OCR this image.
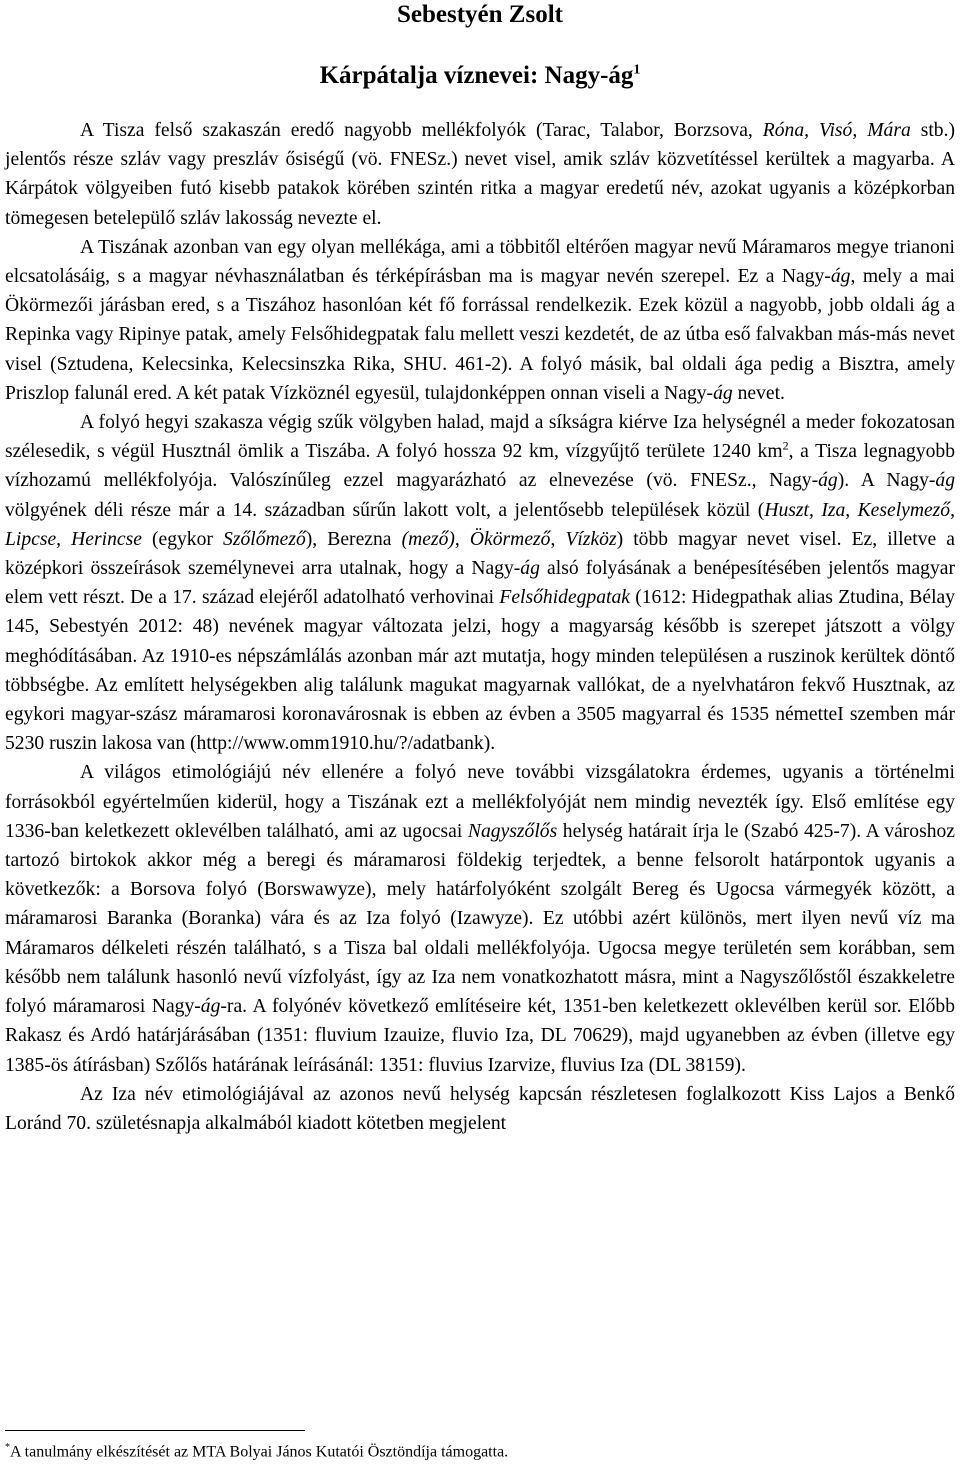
Sebestyén Zsolt
Kárpátalja víznevei: Nagy-$ág^1$

A Tisza felső szakaszán eredő nagyobb mellékfolyók (Tarac, Talabor, Borzsova, Róna, Visó, Mára stb.) jelentős része szláv vagy preszláv ősiségű (vö. FNESz.) nevet visel, amik szláv közvetítéssel kerültek a magyarba. A Kárpátok völgyeiben futó kisebb patakok körében szintén ritka a magyar eredetű név, azokat ugyanis a középkorban tömegesen betelepülő szláv lakosság nevezte el.

A Tiszának azonban van egy olyan mellékága, ami a többitől eltérően magyar nevű Máramaros megye trianoni elcsatolásáig, s a magyar névhasználatban és térképírásban ma is magyar nevén szerepel. Ez a Nagy-ág, mely a mai Ökörmezői járásban ered, s a Tiszához hasonlóan két fő forrással rendelkezik. Ezek közül a nagyobb, jobb oldali ág a Repinka vagy Ripinye patak, amely Felsőhidegpatak falu mellett veszi kezdetét, de az útba eső falvakban más-más nevet visel (Sztudena, Kelecsinka, Kelecsinszka Rika, SHU. 461-2). A folyó másik, bal oldali ága pedig a Bisztra, amely Priszlop falunál ered. A két patak Vízköznél egyesül, tulajdonképpen onnan viseli a Nagy-ág nevet.

A folyó hegyi szakasza végig szűk völgyben halad, majd a síkságra kiérve Iza helységnél a meder fokozatosan szélesedik, s végül Husztnál ömlik a Tiszába. A folyó hossza 92 km, vízgyűjtő területe 1240 $km^2$, a Tisza legnagyobb vízhozamú mellékfolyója. Valószínűleg ezzel magyarázható az elnevezése (vö. FNESz., Nagy-ág). A Nagy-ág völgyének déli része már a 14. században sűrűn lakott volt, a jelentősebb települések közül (Huszt, Iza, Keselymező, Lipcse, Herincse (egykor Szőlőmező), Berezna (mező), Ökörmező, Vízköz) több magyar nevet visel. Ez, illetve a középkori összeírások személynevei arra utalnak, hogy a Nagy-ág alsó folyásának a benépesítésében jelentős magyar elem vett részt. De a 17. század elejéről adatolható verhovinai Felsőhidegpatak (1612: Hidegpathak alias Ztudina, Bélay 145, Sebestyén 2012: 48) nevének magyar változata jelzi, hogy a magyarság később is szerepet játszott a völgy meghódításában. Az 1910-es népszámlálás azonban már azt mutatja, hogy minden településen a ruszinok kerültek döntő többségbe. Az említett helységekben alig találunk magukat magyarnak vallókat, de a nyelvhatáron fekvő Husztnak, az egykori magyar-szász máramarosi koronavárosnak is ebben az évben a 3505 magyarral és 1535 németteI szemben már 5230 ruszin lakosa van (http://www.omm1910.hu/?/adatbank).

A világos etimológiájú név ellenére a folyó neve további vizsgálatokra érdemes, ugyanis a történelmi forrásokból egyértelműen kiderül, hogy a Tiszának ezt a mellékfolyóját nem mindig nevezték így. Első említése egy 1336-ban keletkezett oklevélben található, ami az ugocsai Nagyszőlős helység határait írja le (Szabó 425-7). A városhoz tartozó birtokok akkor még a beregi és máramarosi földekig terjedtek, a benne felsorolt határpontok ugyanis a következők: a Borsova folyó (Borswawyze), mely határfolyóként szolgált Bereg és Ugocsa vármegyék között, a máramarosi Baranka (Boranka) vára és az Iza folyó (Izawyze). Ez utóbbi azért különös, mert ilyen nevű víz ma Máramaros délkeleti részén található, s a Tisza bal oldali mellékfolyója. Ugocsa megye területén sem korábban, sem később nem találunk hasonló nevű vízfolyást, így az Iza nem vonatkozhatott másra, mint a Nagyszőlőstől északkeletre folyó máramarosi Nagy-ág-ra. A folyónév következő említéseire két, 1351-ben keletkezett oklevélben kerül sor. Előbb Rakasz és Ardó határjárásában (1351: fluvium Izauize, fluvio Iza, DL 70629), majd ugyanebben az évben (illetve egy 1385-ös átírásban) Szőlős határának leírásánál: 1351: fluvius Izarvize, fluvius Iza (DL 38159).

Az Iza név etimológiájával az azonos nevű helység kapcsán részletesen foglalkozott Kiss Lajos a Benkő Loránd 70. születésnapja alkalmából kiadott kötetben megjelent

*A tanulmány elkészítését az MTA Bolyai János Kutatói Ösztöndíja támogatta.
